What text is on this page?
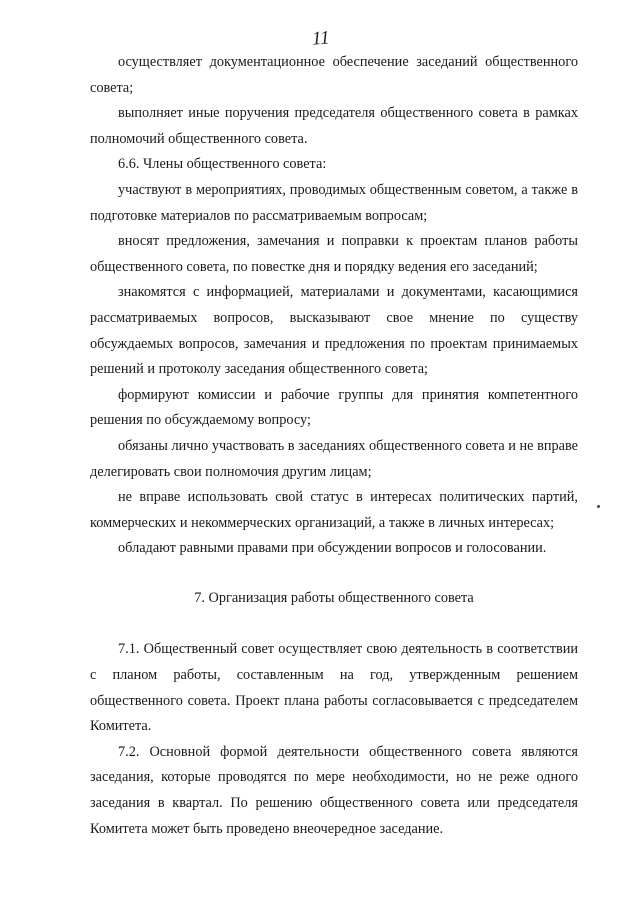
11

осуществляет документационное обеспечение заседаний общественного совета;

выполняет иные поручения председателя общественного совета в рамках полномочий общественного совета.

6.6. Члены общественного совета:

участвуют в мероприятиях, проводимых общественным советом, а также в подготовке материалов по рассматриваемым вопросам;

вносят предложения, замечания и поправки к проектам планов работы общественного совета, по повестке дня и порядку ведения его заседаний;

знакомятся с информацией, материалами и документами, касающимися рассматриваемых вопросов, высказывают свое мнение по существу обсуждаемых вопросов, замечания и предложения по проектам принимаемых решений и протоколу заседания общественного совета;

формируют комиссии и рабочие группы для принятия компетентного решения по обсуждаемому вопросу;

обязаны лично участвовать в заседаниях общественного совета и не вправе делегировать свои полномочия другим лицам;

не вправе использовать свой статус в интересах политических партий, коммерческих и некоммерческих организаций, а также в личных интересах;

обладают равными правами при обсуждении вопросов и голосовании.

7. Организация работы общественного совета

7.1. Общественный совет осуществляет свою деятельность в соответствии с планом работы, составленным на год, утвержденным решением общественного совета. Проект плана работы согласовывается с председателем Комитета.

7.2. Основной формой деятельности общественного совета являются заседания, которые проводятся по мере необходимости, но не реже одного заседания в квартал. По решению общественного совета или председателя Комитета может быть проведено внеочередное заседание.
